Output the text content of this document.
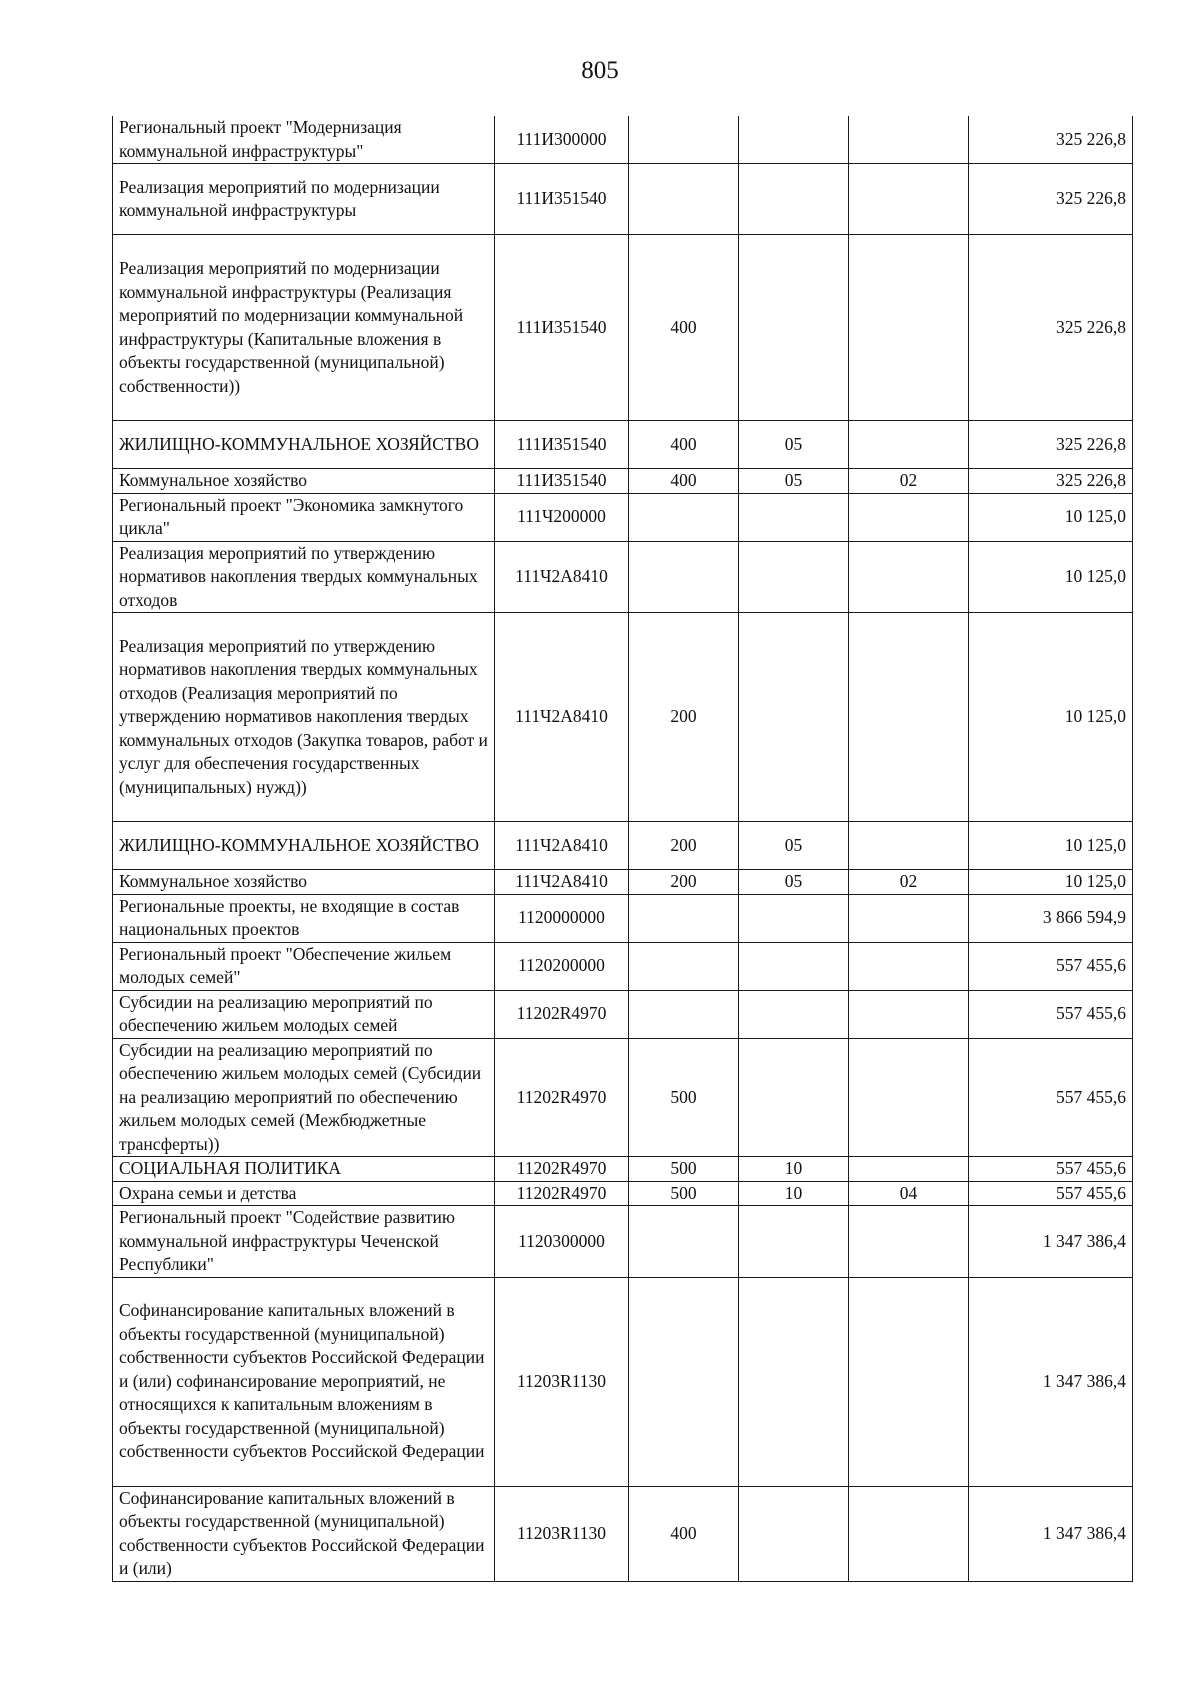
805
Региональный проект "Модернизация коммунальной инфраструктуры"	111И300000				325 226,8
Реализация мероприятий по модернизации коммунальной инфраструктуры	111И351540				325 226,8
Реализация мероприятий по модернизации коммунальной инфраструктуры (Реализация мероприятий по модернизации коммунальной инфраструктуры (Капитальные вложения в объекты государственной (муниципальной) собственности))	111И351540	400			325 226,8
ЖИЛИЩНО-КОММУНАЛЬНОЕ ХОЗЯЙСТВО	111И351540	400	05		325 226,8
Коммунальное хозяйство	111И351540	400	05	02	325 226,8
Региональный проект "Экономика замкнутого цикла"	111Ч200000				10 125,0
Реализация мероприятий по утверждению нормативов накопления твердых коммунальных отходов	111Ч2А8410				10 125,0
Реализация мероприятий по утверждению нормативов накопления твердых коммунальных отходов (Реализация мероприятий по утверждению нормативов накопления твердых коммунальных отходов (Закупка товаров, работ и услуг для обеспечения государственных (муниципальных) нужд))	111Ч2А8410	200			10 125,0
ЖИЛИЩНО-КОММУНАЛЬНОЕ ХОЗЯЙСТВО	111Ч2А8410	200	05		10 125,0
Коммунальное хозяйство	111Ч2А8410	200	05	02	10 125,0
Региональные проекты, не входящие в состав национальных проектов	1120000000				3 866 594,9
Региональный проект "Обеспечение жильем молодых семей"	1120200000				557 455,6
Субсидии на реализацию мероприятий по обеспечению жильем молодых семей	11202R4970				557 455,6
Субсидии на реализацию мероприятий по обеспечению жильем молодых семей (Субсидии на реализацию мероприятий по обеспечению жильем молодых семей (Межбюджетные трансферты))	11202R4970	500			557 455,6
СОЦИАЛЬНАЯ ПОЛИТИКА	11202R4970	500	10		557 455,6
Охрана семьи и детства	11202R4970	500	10	04	557 455,6
Региональный проект "Содействие развитию коммунальной инфраструктуры Чеченской Республики"	1120300000				1 347 386,4
Софинансирование капитальных вложений в объекты государственной (муниципальной) собственности субъектов Российской Федерации и (или) софинансирование мероприятий, не относящихся к капитальным вложениям в объекты государственной (муниципальной) собственности субъектов Российской Федерации	11203R1130				1 347 386,4
Софинансирование капитальных вложений в объекты государственной (муниципальной) собственности субъектов Российской Федерации и (или)	11203R1130	400			1 347 386,4
